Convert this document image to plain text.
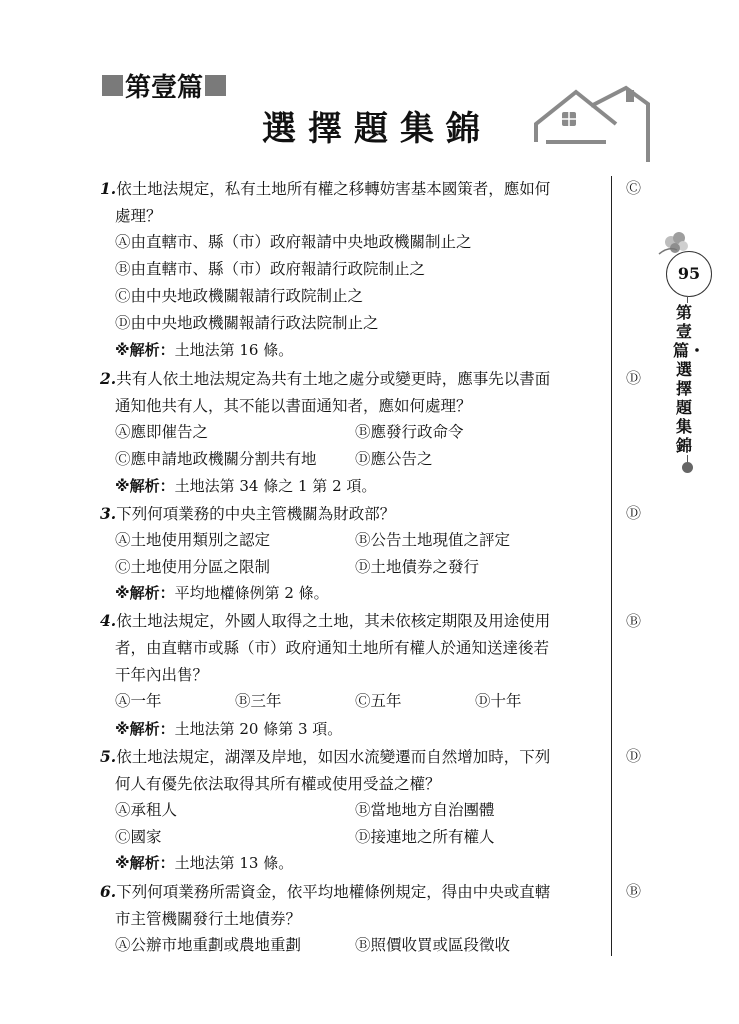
第壹篇
選擇題集錦
95
第壹篇・選擇題集錦
1.依土地法規定，私有土地所有權之移轉妨害基本國策者，應如何
處理？
Ⓒ
Ⓐ由直轄市、縣（市）政府報請中央地政機關制止之
Ⓑ由直轄市、縣（市）政府報請行政院制止之
Ⓒ由中央地政機關報請行政院制止之
Ⓓ由中央地政機關報請行政法院制止之
※解析：土地法第 16 條。
2.共有人依土地法規定為共有土地之處分或變更時，應事先以書面
通知他共有人，其不能以書面通知者，應如何處理？
Ⓓ
Ⓐ應即催告之	Ⓑ應發行政命令
Ⓒ應申請地政機關分割共有地 Ⓓ應公告之
※解析：土地法第 34 條之 1 第 2 項。
3.下列何項業務的中央主管機關為財政部？	Ⓓ
Ⓐ土地使用類別之認定	Ⓑ公告土地現值之評定
Ⓒ土地使用分區之限制	Ⓓ土地債券之發行
※解析：平均地權條例第 2 條。
4.依土地法規定，外國人取得之土地，其未依核定期限及用途使用
者，由直轄市或縣（市）政府通知土地所有權人於通知送達後若
干年內出售？
Ⓑ
Ⓐ一年	Ⓑ三年	Ⓒ五年	Ⓓ十年
※解析：土地法第 20 條第 3 項。
5.依土地法規定，湖澤及岸地，如因水流變遷而自然增加時，下列
何人有優先依法取得其所有權或使用受益之權？
Ⓓ
Ⓐ承租人	Ⓑ當地地方自治團體
Ⓒ國家	Ⓓ接連地之所有權人
※解析：土地法第 13 條。
6.下列何項業務所需資金，依平均地權條例規定，得由中央或直轄
市主管機關發行土地債券？
Ⓑ
Ⓐ公辦市地重劃或農地重劃	Ⓑ照價收買或區段徵收
